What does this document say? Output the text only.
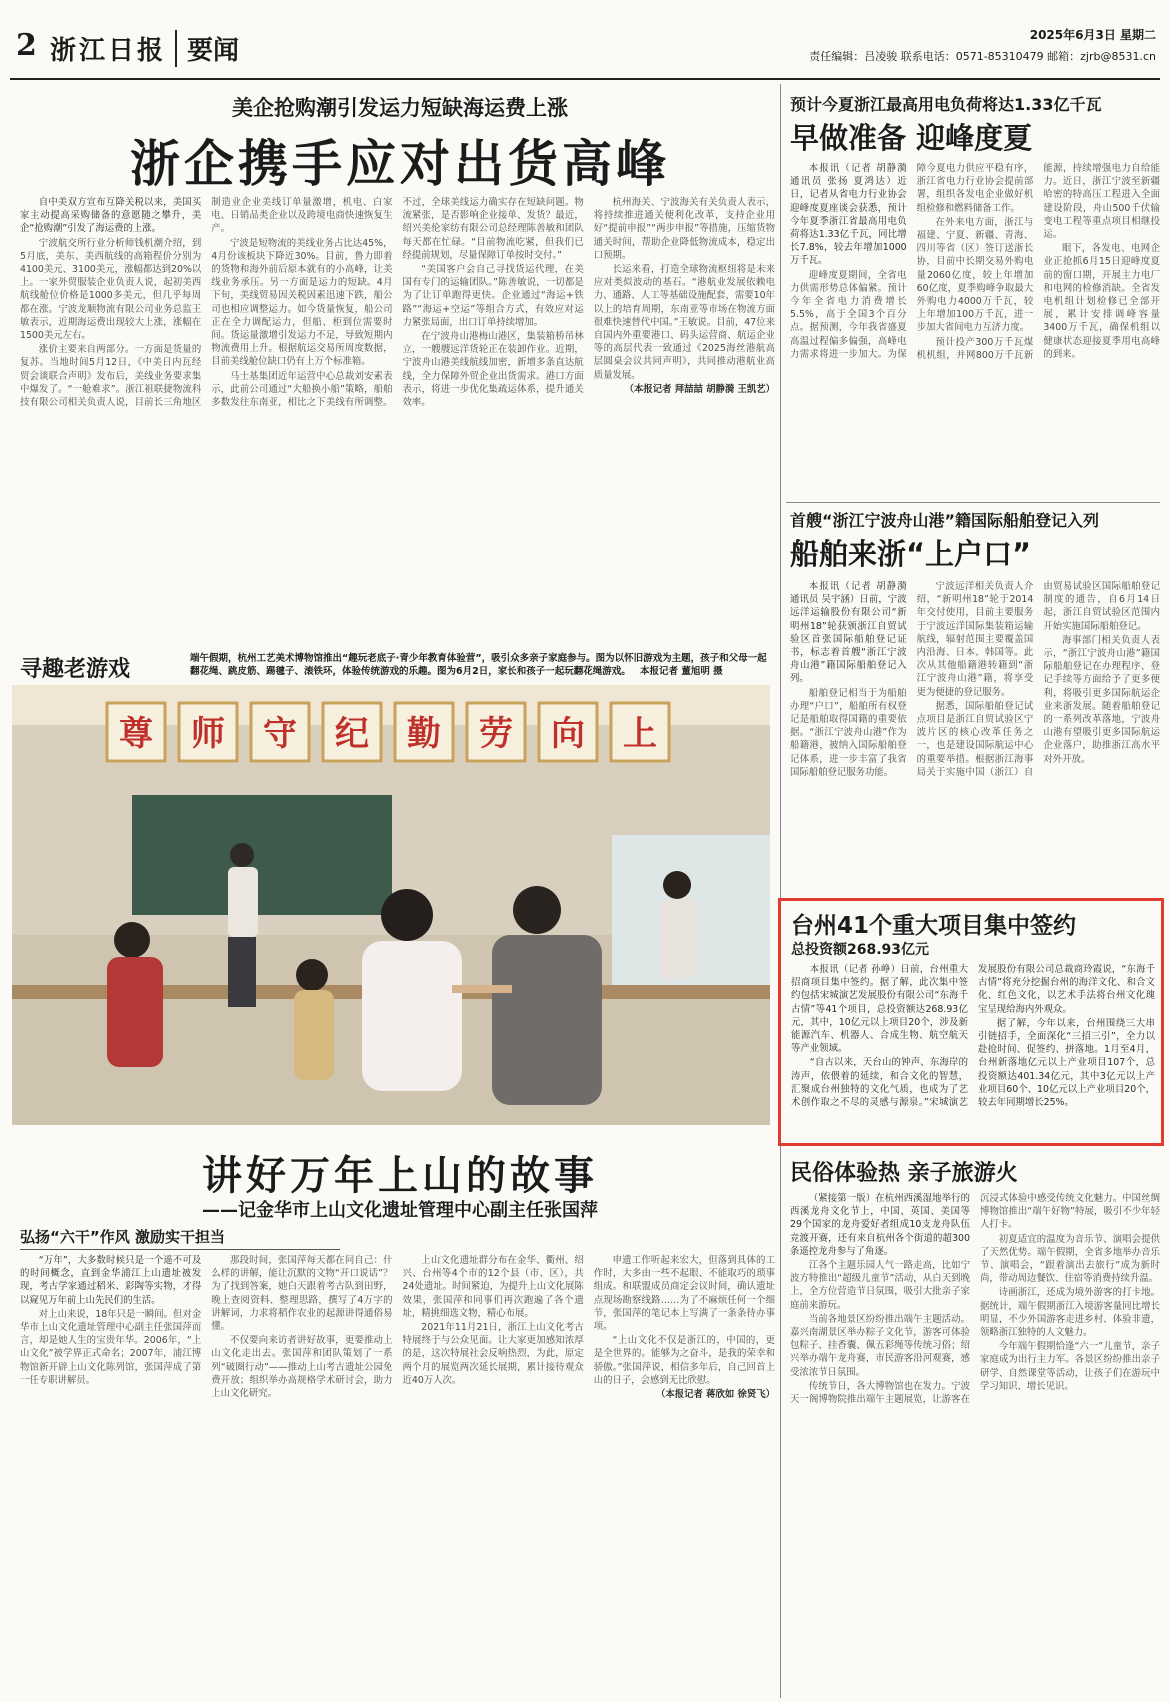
2 浙江日报 要闻
2025年6月3日 星期二
责任编辑：吕凌骏 联系电话：0571-85310479 邮箱：zjrb@8531.cn
美企抢购潮引发运力短缺海运费上涨
浙企携手应对出货高峰

自中美双方宣布互降关税以来，美国买家主动提高采购储备的意愿随之攀升，美企“抢购潮”引发了海运费的上涨。

宁波航交所行业分析师钱机潮介绍，到5月底，美东、美西航线的高箱程价分别为4100美元、3100美元，涨幅都达到20%以上。一家外贸服装企业负责人说，起初美西航线舱位价格是1000多美元，但几乎每周都在涨。宁波龙顺物流有限公司业务总监王敏表示，近期海运费出现较大上涨，涨幅在1500美元左右。

涨价主要来自两部分。一方面是货量的复苏。当地时间5月12日，《中美日内瓦经贸会谈联合声明》发布后，美线业务要求集中爆发了。“一舱难求”。浙江祖联捷物流科技有限公司相关负责人说，目前长三角地区制造业企业美线订单量激增，机电、白家电、日销品类企业以及跨境电商快速恢复生产。

宁波是短物流的美线业务占比达45%，4月份该板块下降近30%。目前，鲁力即着的货物和海外前后原本就有的小高峰，让美线业务承压。另一方面是运力的短缺。4月下旬，美线贸易因关税因素迅速下跌，船公司也相应调整运力。如今货量恢复，船公司正在全力调配运力，但船、柜到位需要时间。货运量激增引发运力不足，导致短期内物流费用上升。根据航运交易所周度数据，目前美线舱位缺口仍有上万个标准箱。

马士基集团近年运营中心总裁刘安素表示，此前公司通过“大船换小船”策略，船舶多数发往东南亚，相比之下美线有所调整。不过，全球美线运力确实存在短缺问题。物流紧张，是否影响企业接单、发货？最近，绍兴美伦家纺有限公司总经理陈善敏和团队每天都在忙碌。“目前物流吃紧，但我们已经提前规划，尽量保障订单按时交付。”

“美国客户会自己寻找货运代理，在美国有专门的运输团队。”陈善敏说，一切都是为了让订单跑得更快。企业通过“海运+铁路”“海运+空运”等组合方式，有效应对运力紧张局面，出口订单持续增加。

在宁波舟山港梅山港区，集装箱桥吊林立，一艘艘远洋货轮正在装卸作业。近期，宁波舟山港美线航线加密，新增多条直达航线，全力保障外贸企业出货需求。港口方面表示，将进一步优化集疏运体系，提升通关效率。

杭州海关、宁波海关有关负责人表示，将持续推进通关便利化改革，支持企业用好“提前申报”“两步申报”等措施，压缩货物通关时间，帮助企业降低物流成本，稳定出口预期。

长运来看，打造全球物流枢纽将是未来应对类似波动的基石。“港航业发展依赖电力、通路、人工等基础设施配套，需要10年以上的培育周期，东南亚等市场在物流方面很难快速替代中国。”王敏说。目前，47位来自国内外重要港口、码头运营商、航运企业等的高层代表一致通过《2025海丝港航高层圆桌会议共同声明》，共同推动港航业高质量发展。

（本报记者 拜喆喆 胡静漪 王凯艺）

预计今夏浙江最高用电负荷将达1.33亿千瓦
早做准备 迎峰度夏

本报讯（记者 胡静漪 通讯员 张扬 夏鸿达）近日，记者从省电力行业协会迎峰度夏座谈会获悉，预计今年夏季浙江省最高用电负荷将达1.33亿千瓦，同比增长7.8%，较去年增加1000万千瓦。

迎峰度夏期间，全省电力供需形势总体偏紧。预计今年全省电力消费增长5.5%，高于全国3个百分点。据预测，今年我省盛夏高温过程偏多偏强，高峰电力需求将进一步加大。为保障今夏电力供应平稳有序，浙江省电力行业协会提前部署，组织各发电企业做好机组检修和燃料储备工作。

在外来电方面，浙江与福建、宁夏、新疆、青海、四川等省（区）签订送浙长协，目前中长期交易外购电量2060亿度，较上年增加60亿度，夏季购峰争取最大外购电力4000万千瓦，较上年增加100万千瓦，进一步加大省间电力互济力度。

预计投产300万千瓦煤机机组，并网800万千瓦新能源，持续增强电力自给能力。近日，浙江宁波至新疆哈密的特高压工程进入全面建设阶段，舟山500千伏输变电工程等重点项目相继投运。

眼下，各发电、电网企业正抢抓6月15日迎峰度夏前的窗口期，开展主力电厂和电网的检修消缺。全省发电机组计划检修已全部开展，累计安排调峰容量3400万千瓦，确保机组以健康状态迎接夏季用电高峰的到来。

首艘“浙江宁波舟山港”籍国际船舶登记入列
船舶来浙“上户口”

本报讯（记者 胡静漪 通讯员 吴宇涵）日前，宁波远洋运输股份有限公司“新明州18”轮获颁浙江自贸试验区首张国际船舶登记证书，标志着首艘“浙江宁波舟山港”籍国际船舶登记入列。

船舶登记相当于为船舶办理“户口”，船舶所有权登记是船舶取得国籍的重要依据。“浙江宁波舟山港”作为船籍港，被纳入国际船舶登记体系，进一步丰富了我省国际船舶登记服务功能。

宁波远洋相关负责人介绍，“新明州18”轮于2014年交付使用，目前主要服务于宁波远洋国际集装箱运输航线，辐射范围主要覆盖国内沿海、日本、韩国等。此次从其他船籍港转籍到“浙江宁波舟山港”籍，将享受更为便捷的登记服务。

据悉，国际船舶登记试点项目是浙江自贸试验区宁波片区的核心改革任务之一，也是建设国际航运中心的重要举措。根据浙江海事局关于实施中国（浙江）自由贸易试验区国际船舶登记制度的通告，自6月14日起，浙江自贸试验区范围内开始实施国际船舶登记。

海事部门相关负责人表示，“浙江宁波舟山港”籍国际船舶登记在办理程序、登记手续等方面给予了更多便利，将吸引更多国际航运企业来浙发展。随着船舶登记的一系列改革落地，宁波舟山港有望吸引更多国际航运企业落户，助推浙江高水平对外开放。

寻趣老游戏	端午假期，杭州工艺美术博物馆推出“趣玩老底子·青少年教育体验营”，吸引众多亲子家庭参与。图为以怀旧游戏为主题，孩子和父母一起翻花绳、跳皮筋、踢毽子、滚铁环，体验传统游戏的乐趣。图为6月2日，家长和孩子一起玩翻花绳游戏。 本报记者 董旭明 摄
尊 师 守 纪 勤 劳 向 上
台州41个重大项目集中签约
总投资额268.93亿元

本报讯（记者 孙峥）日前，台州重大招商项目集中签约。据了解，此次集中签约包括宋城演艺发展股份有限公司“东海千古情”等41个项目，总投资额达268.93亿元，其中，10亿元以上项目20个，涉及新能源汽车、机器人、合成生物、航空航天等产业领域。

“自古以来，天台山的钟声、东海岸的涛声，依偎着的延续，和合文化的智慧，汇聚成台州独特的文化气质，也成为了艺术创作取之不尽的灵感与源泉。”宋城演艺发展股份有限公司总裁商玲霞说，“东海千古情”将充分挖掘台州的海洋文化、和合文化、红色文化，以艺术手法将台州文化瑰宝呈现给海内外观众。

据了解，今年以来，台州围绕三大串引链招手，全面深化“三招三引”，全力以赴抢时间、促签约、拼落地。1月至4月，台州新落地亿元以上产业项目107个，总投资额达401.34亿元，其中3亿元以上产业项目60个、10亿元以上产业项目20个，较去年同期增长25%。

民俗体验热 亲子旅游火

（紧接第一版）在杭州西溪湿地举行的西溪龙舟文化节上，中国、英国、美国等29个国家的龙舟爱好者组成10支龙舟队伍竞渡开赛，还有来自杭州各个街道的超300条遥控龙舟参与了角逐。

江各个主题乐园人气一路走高，比如宁波方特推出“超级儿童节”活动，从白天到晚上，全方位营造节日氛围，吸引大批亲子家庭前来游玩。

当前各地景区纷纷推出端午主题活动。嘉兴南湖景区举办粽子文化节，游客可体验包粽子、挂香囊、佩五彩绳等传统习俗；绍兴举办端午龙舟赛，市民游客沿河观赛，感受浓浓节日氛围。

传统节日，各大博物馆也在发力。宁波天一阁博物院推出端午主题展览，让游客在沉浸式体验中感受传统文化魅力。中国丝绸博物馆推出“端午好物”特展，吸引不少年轻人打卡。

初夏适宜的温度为音乐节、演唱会提供了天然优势。端午假期，全省多地举办音乐节、演唱会，“跟着演出去旅行”成为新时尚，带动周边餐饮、住宿等消费持续升温。

诗画浙江，还成为境外游客的打卡地。据统计，端午假期浙江入境游客量同比增长明显，不少外国游客走进乡村、体验非遗，领略浙江独特的人文魅力。

今年端午假期恰逢“六一”儿童节，亲子家庭成为出行主力军。各景区纷纷推出亲子研学、自然课堂等活动，让孩子们在游玩中学习知识、增长见识。

讲好万年上山的故事
——记金华市上山文化遗址管理中心副主任张国萍
弘扬“六干”作风 激励实干担当

“万年”，大多数时候只是一个遥不可及的时间概念，直到金华浦江上山遗址被发现，考古学家通过稻米、彩陶等实物，才得以窥见万年前上山先民们的生活。

对上山来说，18年只是一瞬间。但对金华市上山文化遗址管理中心副主任张国萍而言，却是她人生的宝贵年华。2006年，“上山文化”被学界正式命名；2007年，浦江博物馆新开辟上山文化陈列馆，张国萍成了第一任专职讲解员。

那段时间，张国萍每天都在问自己：什么样的讲解，能让沉默的文物“开口说话”？为了找到答案，她白天跟着考古队到田野，晚上查阅资料、整理思路，撰写了4万字的讲解词，力求将稻作农业的起源讲得通俗易懂。

不仅要向来访者讲好故事，更要推动上山文化走出去。张国萍和团队策划了一系列“破圈行动”——推动上山考古遗址公园免费开放；组织举办高规格学术研讨会，助力上山文化研究。

上山文化遗址群分布在金华、衢州、绍兴、台州等4个市的12个县（市、区），共24处遗址。时间紧迫，为提升上山文化展陈效果，张国萍和同事们再次跑遍了各个遗址，精挑细选文物，精心布展。

2021年11月21日，浙江上山文化考古特展终于与公众见面。让大家更加感知浓厚的是，这次特展社会反响热烈，为此，原定两个月的展览两次延长展期，累计接待观众近40万人次。

申遗工作听起来宏大，但落到具体的工作时，大多由一些不起眼、不能取巧的琐事组成。和联盟成员商定会议时间，确认遗址点现场勘察线路……为了不麻烦任何一个细节，张国萍的笔记本上写满了一条条待办事项。

“上山文化不仅是浙江的，中国的，更是全世界的。能够为之奋斗，是我的荣幸和骄傲。”张国萍说，相信多年后，自己回首上山的日子，会感到无比欣慰。

（本报记者 蒋欣如 徐贤飞）
